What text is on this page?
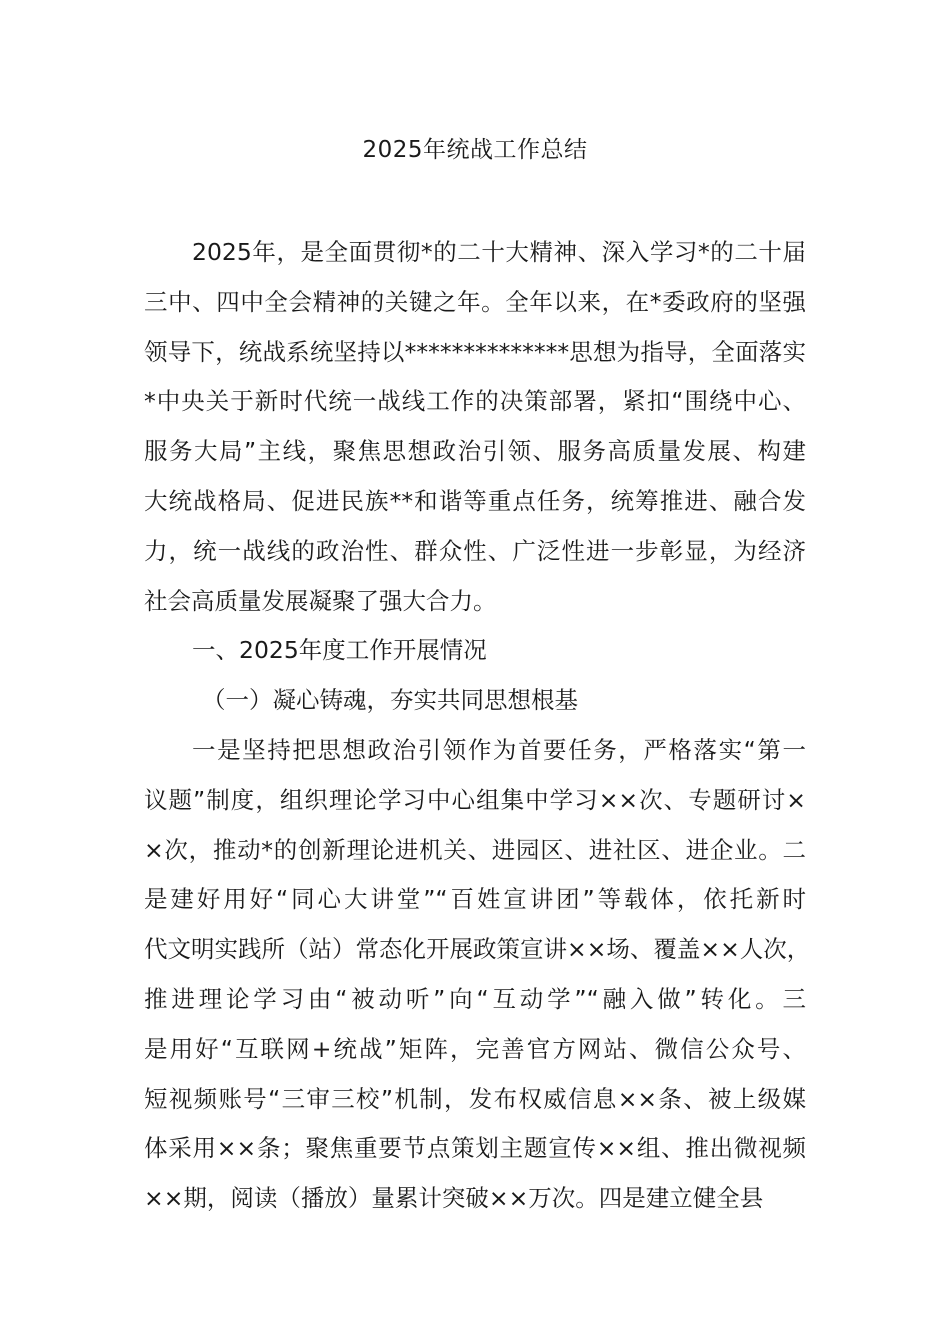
2025年统战工作总结
2025年，是全面贯彻*的二十大精神、深入学习*的二十届
三中、四中全会精神的关键之年。全年以来，在*委政府的坚强
领导下，统战系统坚持以**************思想为指导，全面落实
*中央关于新时代统一战线工作的决策部署，紧扣“围绕中心、
服务大局”主线，聚焦思想政治引领、服务高质量发展、构建
大统战格局、促进民族**和谐等重点任务，统筹推进、融合发
力，统一战线的政治性、群众性、广泛性进一步彰显，为经济
社会高质量发展凝聚了强大合力。
一、2025年度工作开展情况
（一）凝心铸魂，夯实共同思想根基
一是坚持把思想政治引领作为首要任务，严格落实“第一
议题”制度，组织理论学习中心组集中学习××次、专题研讨×
×次，推动*的创新理论进机关、进园区、进社区、进企业。二
是建好用好“同心大讲堂”“百姓宣讲团”等载体，依托新时
代文明实践所（站）常态化开展政策宣讲××场、覆盖××人次，
推进理论学习由“被动听”向“互动学”“融入做”转化。三
是用好“互联网+统战”矩阵，完善官方网站、微信公众号、
短视频账号“三审三校”机制，发布权威信息××条、被上级媒
体采用××条；聚焦重要节点策划主题宣传××组、推出微视频
××期，阅读（播放）量累计突破××万次。四是建立健全县
